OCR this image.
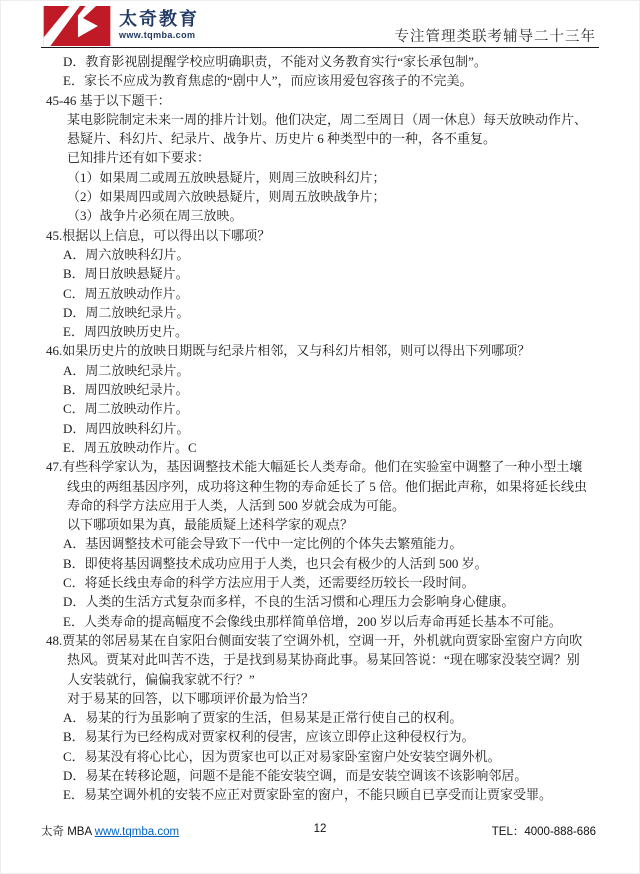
太奇教育
www.tqmba.com	专注管理类联考辅导二十三年
D．教育影视剧提醒学校应明确职责，不能对义务教育实行“家长承包制”。
E．家长不应成为教育焦虑的“剧中人”，而应该用爱包容孩子的不完美。
45-46 基于以下题干：
某电影院制定未来一周的排片计划。他们决定，周二至周日（周一休息）每天放映动作片、
悬疑片、科幻片、纪录片、战争片、历史片 6 种类型中的一种，各不重复。
已知排片还有如下要求：
（1）如果周二或周五放映悬疑片，则周三放映科幻片；
（2）如果周四或周六放映悬疑片，则周五放映战争片；
（3）战争片必须在周三放映。
45.根据以上信息，可以得出以下哪项？
A．周六放映科幻片。
B．周日放映悬疑片。
C．周五放映动作片。
D．周二放映纪录片。
E．周四放映历史片。
46.如果历史片的放映日期既与纪录片相邻，又与科幻片相邻，则可以得出下列哪项？
A．周二放映纪录片。
B．周四放映纪录片。
C．周二放映动作片。
D．周四放映科幻片。
E．周五放映动作片。C
47.有些科学家认为，基因调整技术能大幅延长人类寿命。他们在实验室中调整了一种小型土壤
线虫的两组基因序列，成功将这种生物的寿命延长了 5 倍。他们据此声称，如果将延长线虫
寿命的科学方法应用于人类，人活到 500 岁就会成为可能。
以下哪项如果为真，最能质疑上述科学家的观点？
A．基因调整技术可能会导致下一代中一定比例的个体失去繁殖能力。
B．即使将基因调整技术成功应用于人类，也只会有极少的人活到 500 岁。
C．将延长线虫寿命的科学方法应用于人类，还需要经历较长一段时间。
D．人类的生活方式复杂而多样，不良的生活习惯和心理压力会影响身心健康。
E．人类寿命的提高幅度不会像线虫那样简单倍增，200 岁以后寿命再延长基本不可能。
48.贾某的邻居易某在自家阳台侧面安装了空调外机，空调一开，外机就向贾家卧室窗户方向吹
热风。贾某对此叫苦不迭，于是找到易某协商此事。易某回答说：“现在哪家没装空调？别
人安装就行，偏偏我家就不行？”
对于易某的回答，以下哪项评价最为恰当？
A．易某的行为虽影响了贾家的生活，但易某是正常行使自己的权利。
B．易某行为已经构成对贾家权利的侵害，应该立即停止这种侵权行为。
C．易某没有将心比心，因为贾家也可以正对易家卧室窗户处安装空调外机。
D．易某在转移论题，问题不是能不能安装空调，而是安装空调该不该影响邻居。
E．易某空调外机的安装不应正对贾家卧室的窗户，不能只顾自已享受而让贾家受罪。
太奇 MBA www.tqmba.com	12	TEL：4000-888-686
